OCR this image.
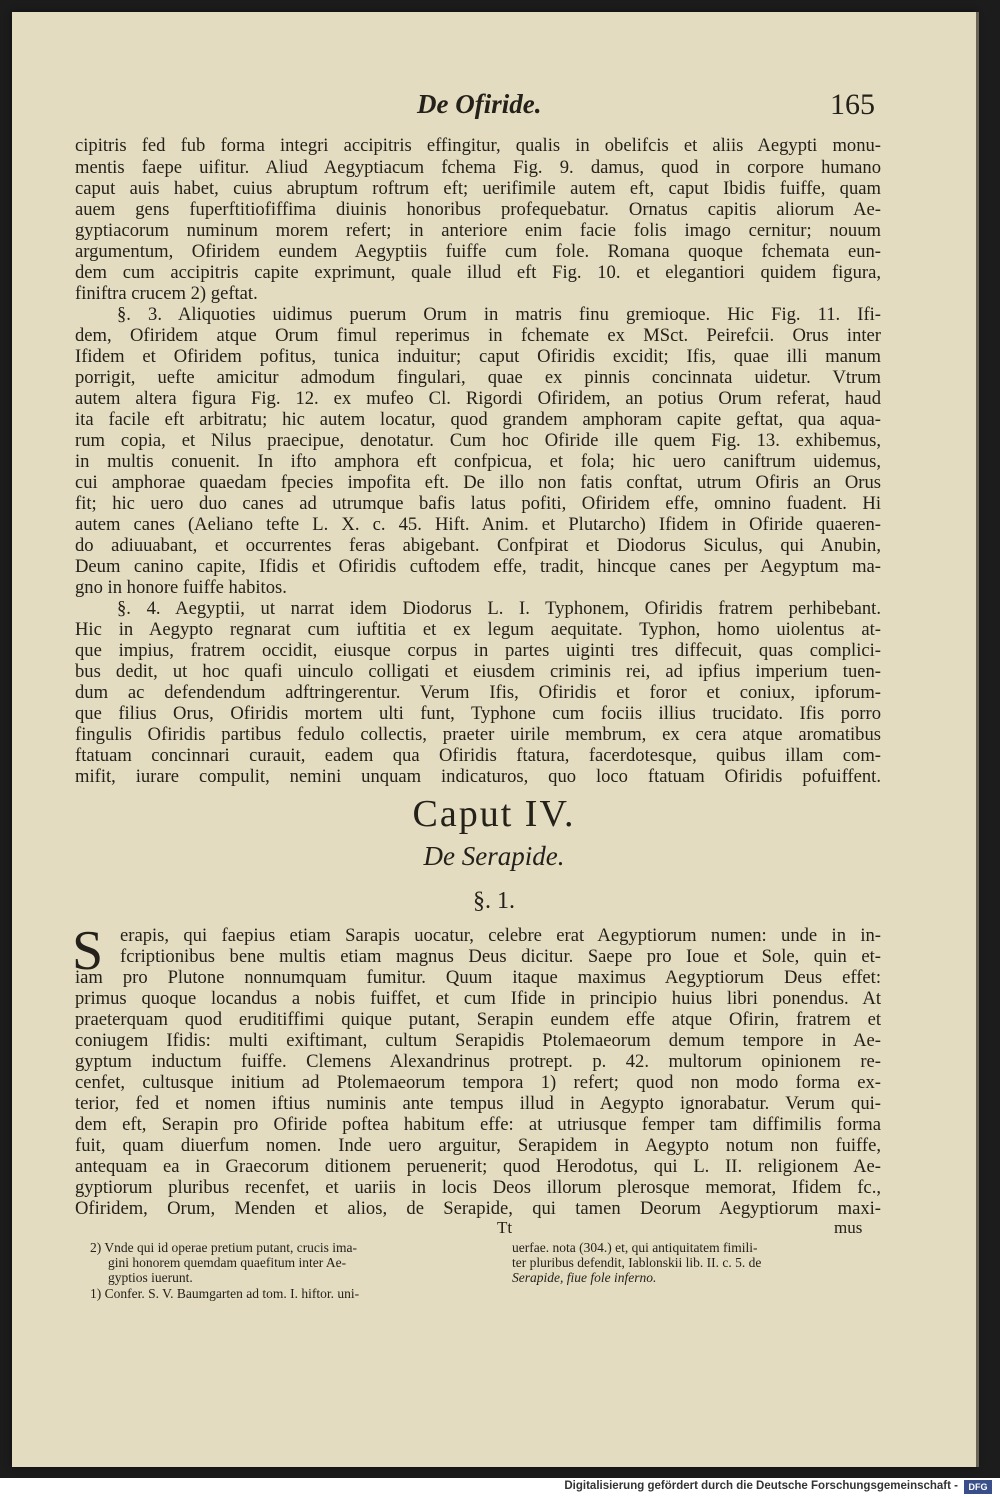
De Ofiride.	165
cipitris fed fub forma integri accipitris effingitur, qualis in obelifcis et aliis Aegypti monu-
mentis faepe uifitur. Aliud Aegyptiacum fchema Fig. 9. damus, quod in corpore humano
caput auis habet, cuius abruptum roftrum eft; uerifimile autem eft, caput Ibidis fuiffe, quam
auem gens fuperftitiofiffima diuinis honoribus profequebatur. Ornatus capitis aliorum Ae-
gyptiacorum numinum morem refert; in anteriore enim facie folis imago cernitur; nouum
argumentum, Ofiridem eundem Aegyptiis fuiffe cum fole. Romana quoque fchemata eun-
dem cum accipitris capite exprimunt, quale illud eft Fig. 10. et elegantiori quidem figura,
finiftra crucem 2) geftat.
§. 3. Aliquoties uidimus puerum Orum in matris finu gremioque. Hic Fig. 11. Ifi-
dem, Ofiridem atque Orum fimul reperimus in fchemate ex MSct. Peirefcii. Orus inter
Ifidem et Ofiridem pofitus, tunica induitur; caput Ofiridis excidit; Ifis, quae illi manum
porrigit, uefte amicitur admodum fingulari, quae ex pinnis concinnata uidetur. Vtrum
autem altera figura Fig. 12. ex mufeo Cl. Rigordi Ofiridem, an potius Orum referat, haud
ita facile eft arbitratu; hic autem locatur, quod grandem amphoram capite geftat, qua aqua-
rum copia, et Nilus praecipue, denotatur. Cum hoc Ofiride ille quem Fig. 13. exhibemus,
in multis conuenit. In ifto amphora eft confpicua, et fola; hic uero caniftrum uidemus,
cui amphorae quaedam fpecies impofita eft. De illo non fatis conftat, utrum Ofiris an Orus
fit; hic uero duo canes ad utrumque bafis latus pofiti, Ofiridem effe, omnino fuadent. Hi
autem canes (Aeliano tefte L. X. c. 45. Hift. Anim. et Plutarcho) Ifidem in Ofiride quaeren-
do adiuuabant, et occurrentes feras abigebant. Confpirat et Diodorus Siculus, qui Anubin,
Deum canino capite, Ifidis et Ofiridis cuftodem effe, tradit, hincque canes per Aegyptum ma-
gno in honore fuiffe habitos.
§. 4. Aegyptii, ut narrat idem Diodorus L. I. Typhonem, Ofiridis fratrem perhibebant.
Hic in Aegypto regnarat cum iuftitia et ex legum aequitate. Typhon, homo uiolentus at-
que impius, fratrem occidit, eiusque corpus in partes uiginti tres diffecuit, quas complici-
bus dedit, ut hoc quafi uinculo colligati et eiusdem criminis rei, ad ipfius imperium tuen-
dum ac defendendum adftringerentur. Verum Ifis, Ofiridis et foror et coniux, ipforum-
que filius Orus, Ofiridis mortem ulti funt, Typhone cum fociis illius trucidato. Ifis porro
fingulis Ofiridis partibus fedulo collectis, praeter uirile membrum, ex cera atque aromatibus
ftatuam concinnari curauit, eadem qua Ofiridis ftatura, facerdotesque, quibus illam com-
mifit, iurare compulit, nemini unquam indicaturos, quo loco ftatuam Ofiridis pofuiffent.
Caput IV.
De Serapide.
§. 1.
S erapis, qui faepius etiam Sarapis uocatur, celebre erat Aegyptiorum numen: unde in in-
fcriptionibus bene multis etiam magnus Deus dicitur. Saepe pro Ioue et Sole, quin et-
iam pro Plutone nonnumquam fumitur. Quum itaque maximus Aegyptiorum Deus effet:
primus quoque locandus a nobis fuiffet, et cum Ifide in principio huius libri ponendus. At
praeterquam quod eruditiffimi quique putant, Serapin eundem effe atque Ofirin, fratrem et
coniugem Ifidis: multi exiftimant, cultum Serapidis Ptolemaeorum demum tempore in Ae-
gyptum inductum fuiffe. Clemens Alexandrinus protrept. p. 42. multorum opinionem re-
cenfet, cultusque initium ad Ptolemaeorum tempora 1) refert; quod non modo forma ex-
terior, fed et nomen iftius numinis ante tempus illud in Aegypto ignorabatur. Verum qui-
dem eft, Serapin pro Ofiride poftea habitum effe: at utriusque femper tam diffimilis forma
fuit, quam diuerfum nomen. Inde uero arguitur, Serapidem in Aegypto notum non fuiffe,
antequam ea in Graecorum ditionem peruenerit; quod Herodotus, qui L. II. religionem Ae-
gyptiorum pluribus recenfet, et uariis in locis Deos illorum plerosque memorat, Ifidem fc.,
Ofiridem, Orum, Menden et alios, de Serapide, qui tamen Deorum Aegyptiorum maxi-
Tt	mus
2) Vnde qui id operae pretium putant, crucis ima-
gini honorem quemdam quaefitum inter Ae-
gyptios iuerunt.
1) Confer. S. V. Baumgarten ad tom. I. hiftor. uni-
uerfae. nota (304.) et, qui antiquitatem fimili-
ter pluribus defendit, Iablonskii lib. II. c. 5. de
Serapide, fiue fole inferno.
Digitalisierung gefördert durch die Deutsche Forschungsgemeinschaft -	DFG
